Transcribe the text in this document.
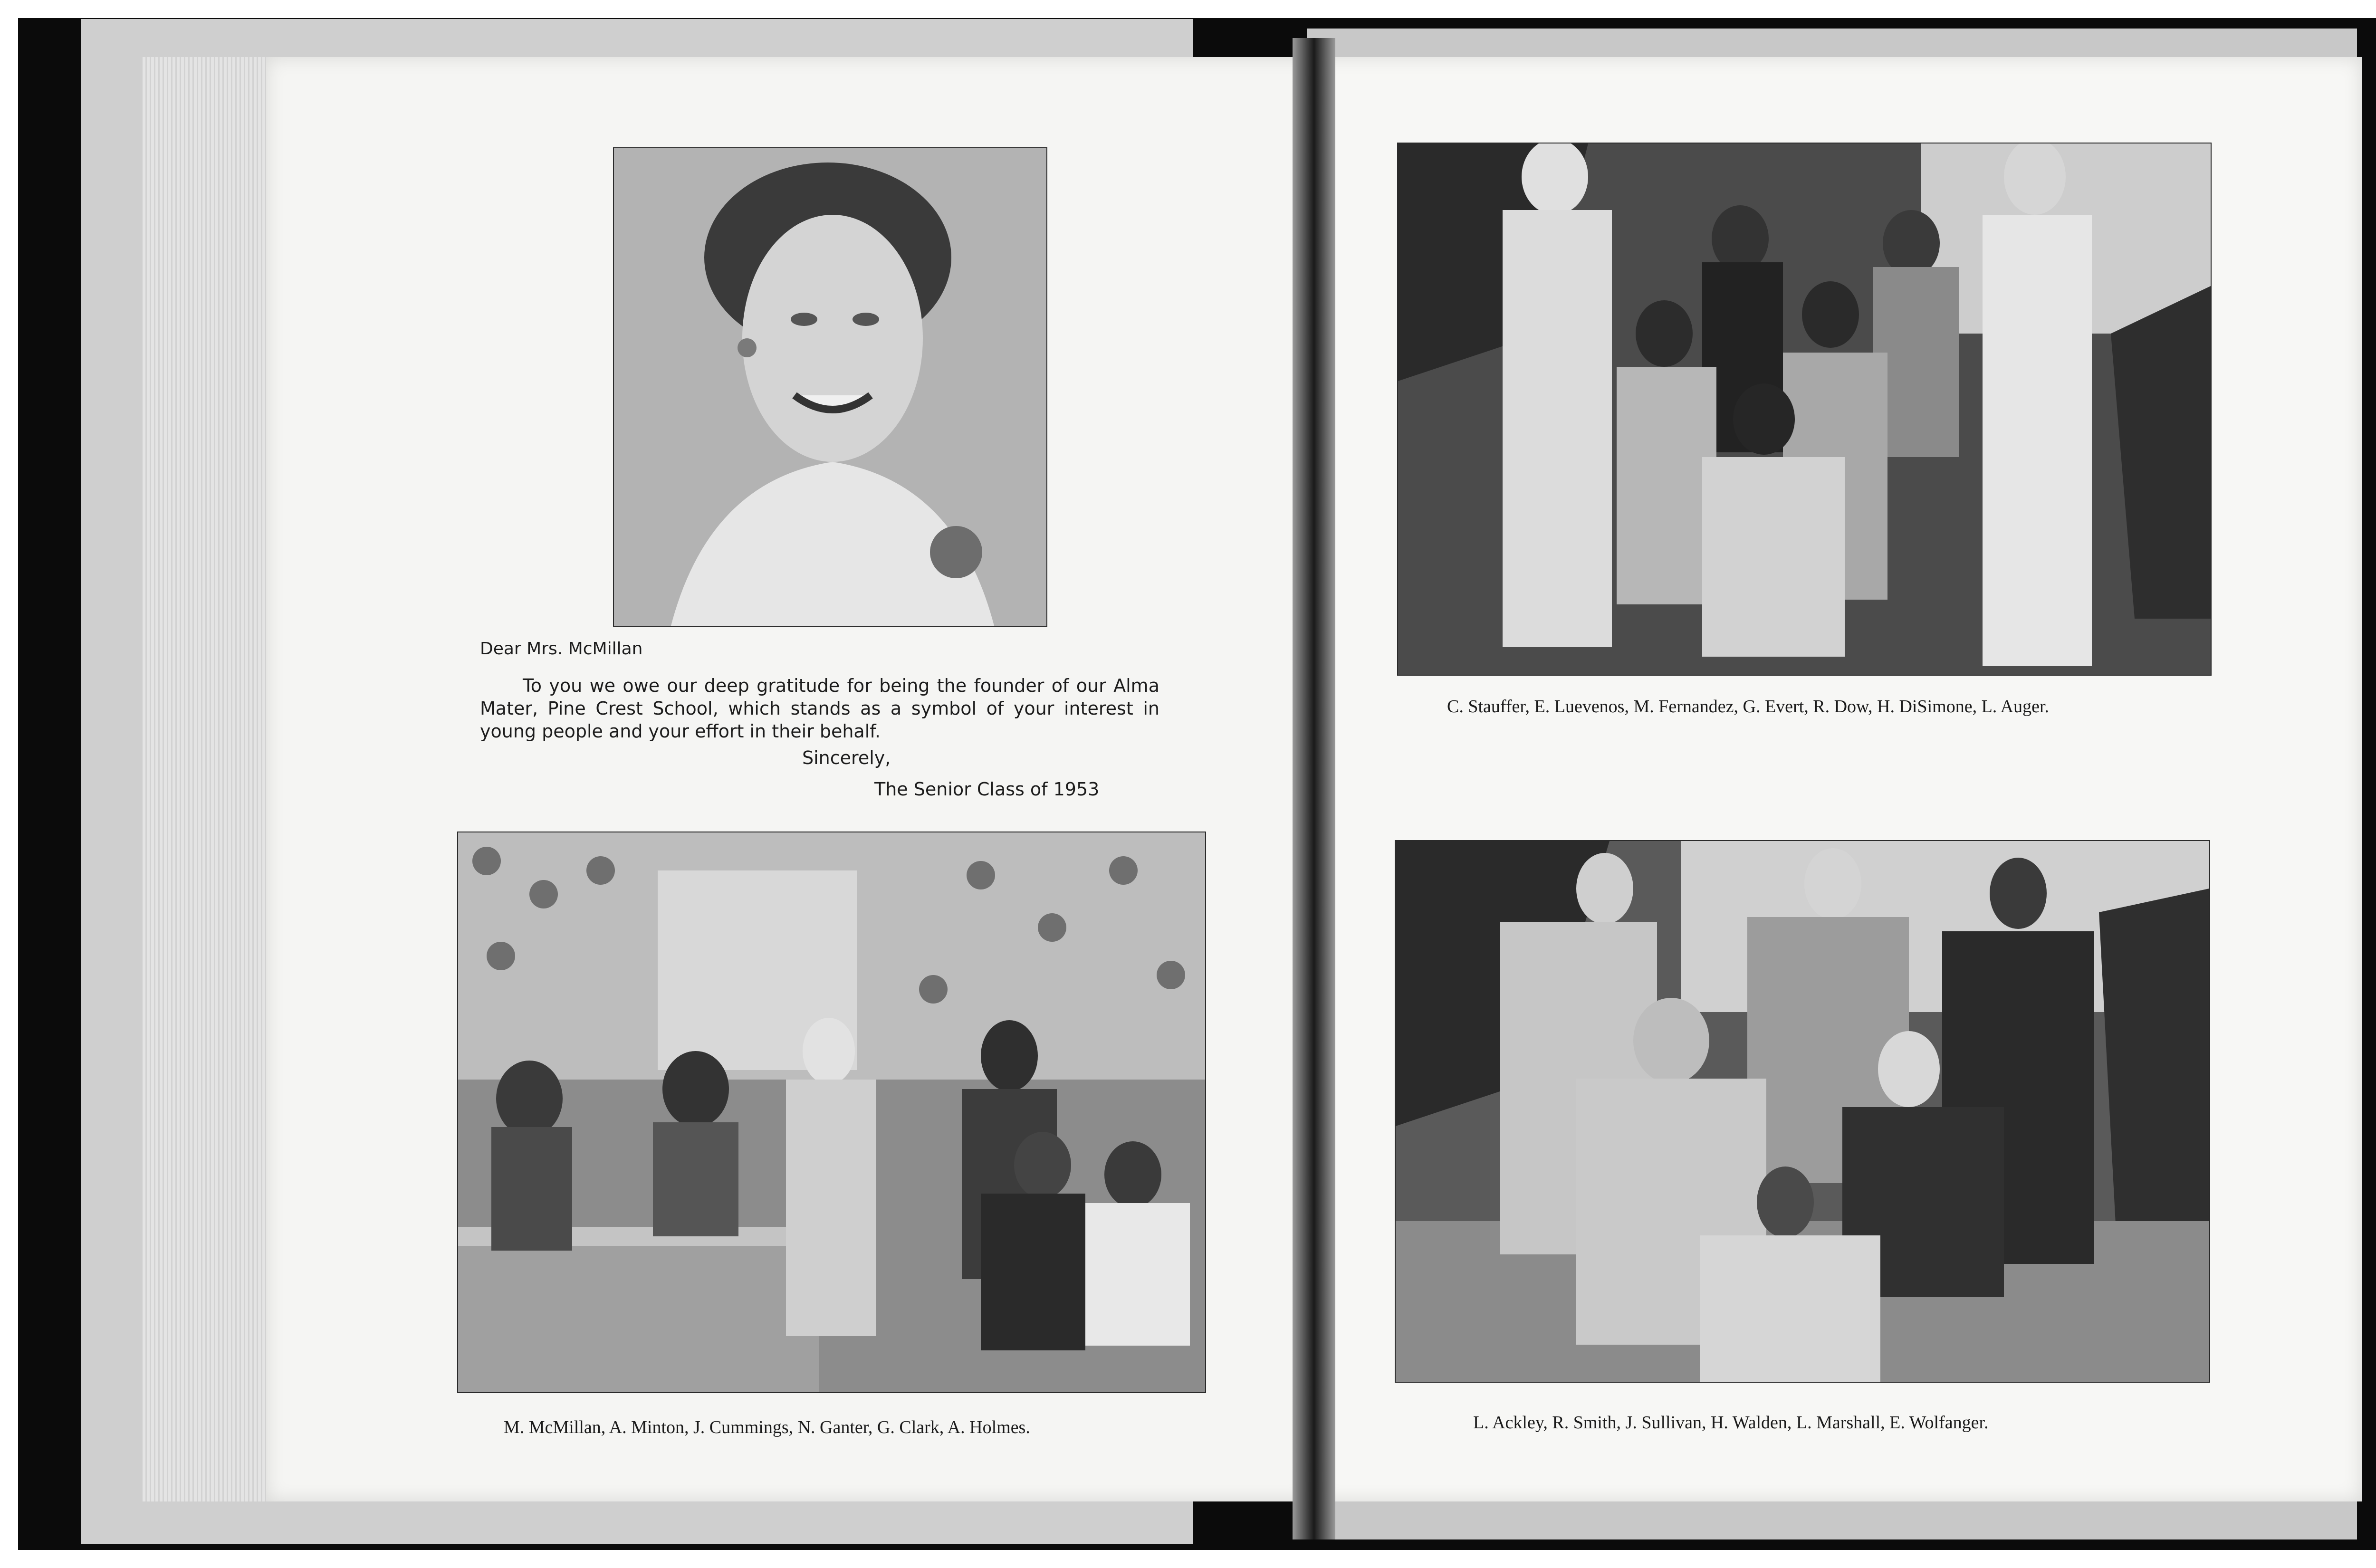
Dear Mrs. McMillan
To you we owe our deep gratitude for being the founder of our Alma Mater, Pine Crest School, which stands as a symbol of your interest in young people and your effort in their behalf.
Sincerely,
The Senior Class of 1953
M. McMillan, A. Minton, J. Cummings, N. Ganter, G. Clark, A. Holmes.
C. Stauffer, E. Luevenos, M. Fernandez, G. Evert, R. Dow, H. DiSimone, L. Auger.
L. Ackley, R. Smith, J. Sullivan, H. Walden, L. Marshall, E. Wolfanger.
